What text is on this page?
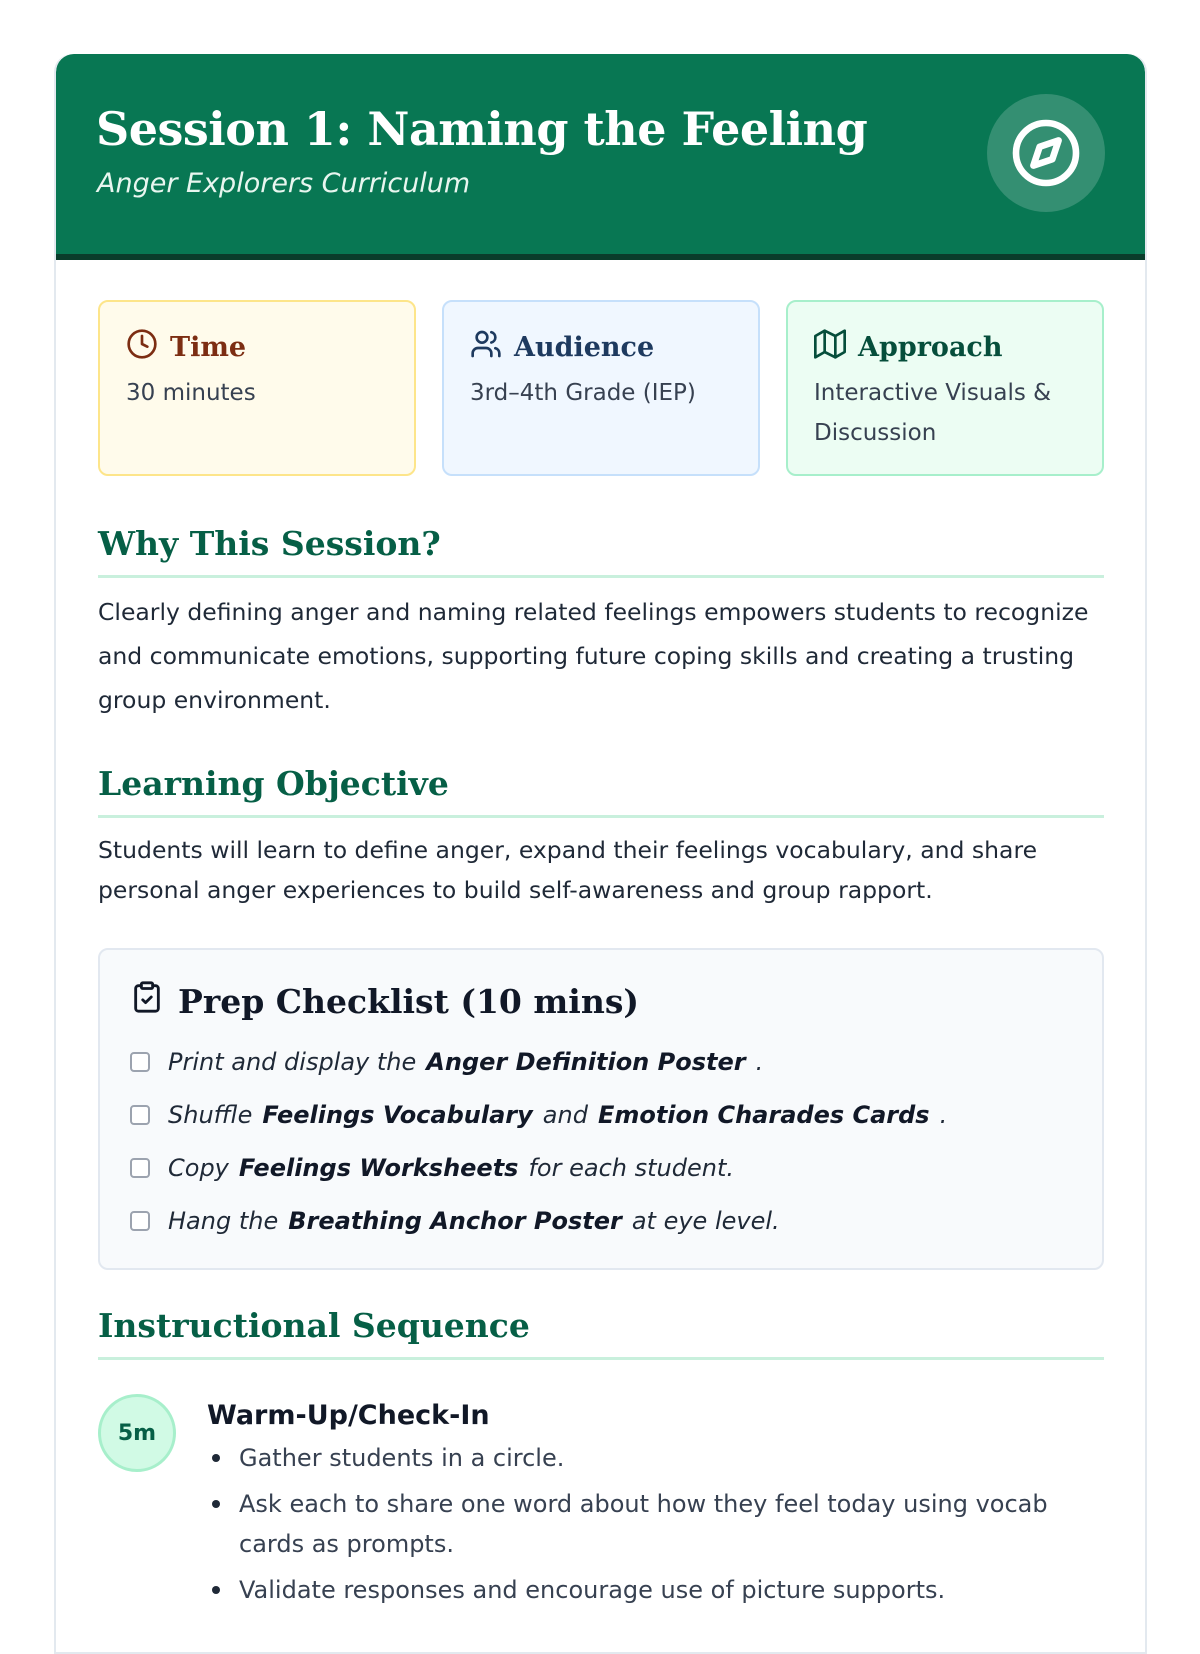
Session 1: Naming the Feeling
Anger Explorers Curriculum
Time
30 minutes
Audience
3rd–4th Grade (IEP)
Approach
Interactive Visuals & Discussion
Why This Session?

Clearly defining anger and naming related feelings empowers students to recognize and communicate emotions, supporting future coping skills and creating a trusting group environment.

Learning Objective

Students will learn to define anger, expand their feelings vocabulary, and share personal anger experiences to build self-awareness and group rapport.

Prep Checklist (10 mins)
Print and display the Anger Definition Poster .
Shuffle Feelings Vocabulary and Emotion Charades Cards .
Copy Feelings Worksheets for each student.
Hang the Breathing Anchor Poster at eye level.
Instructional Sequence
5m
Warm-Up/Check-In
Gather students in a circle.
Ask each to share one word about how they feel today using vocab cards as prompts.
Validate responses and encourage use of picture supports.
